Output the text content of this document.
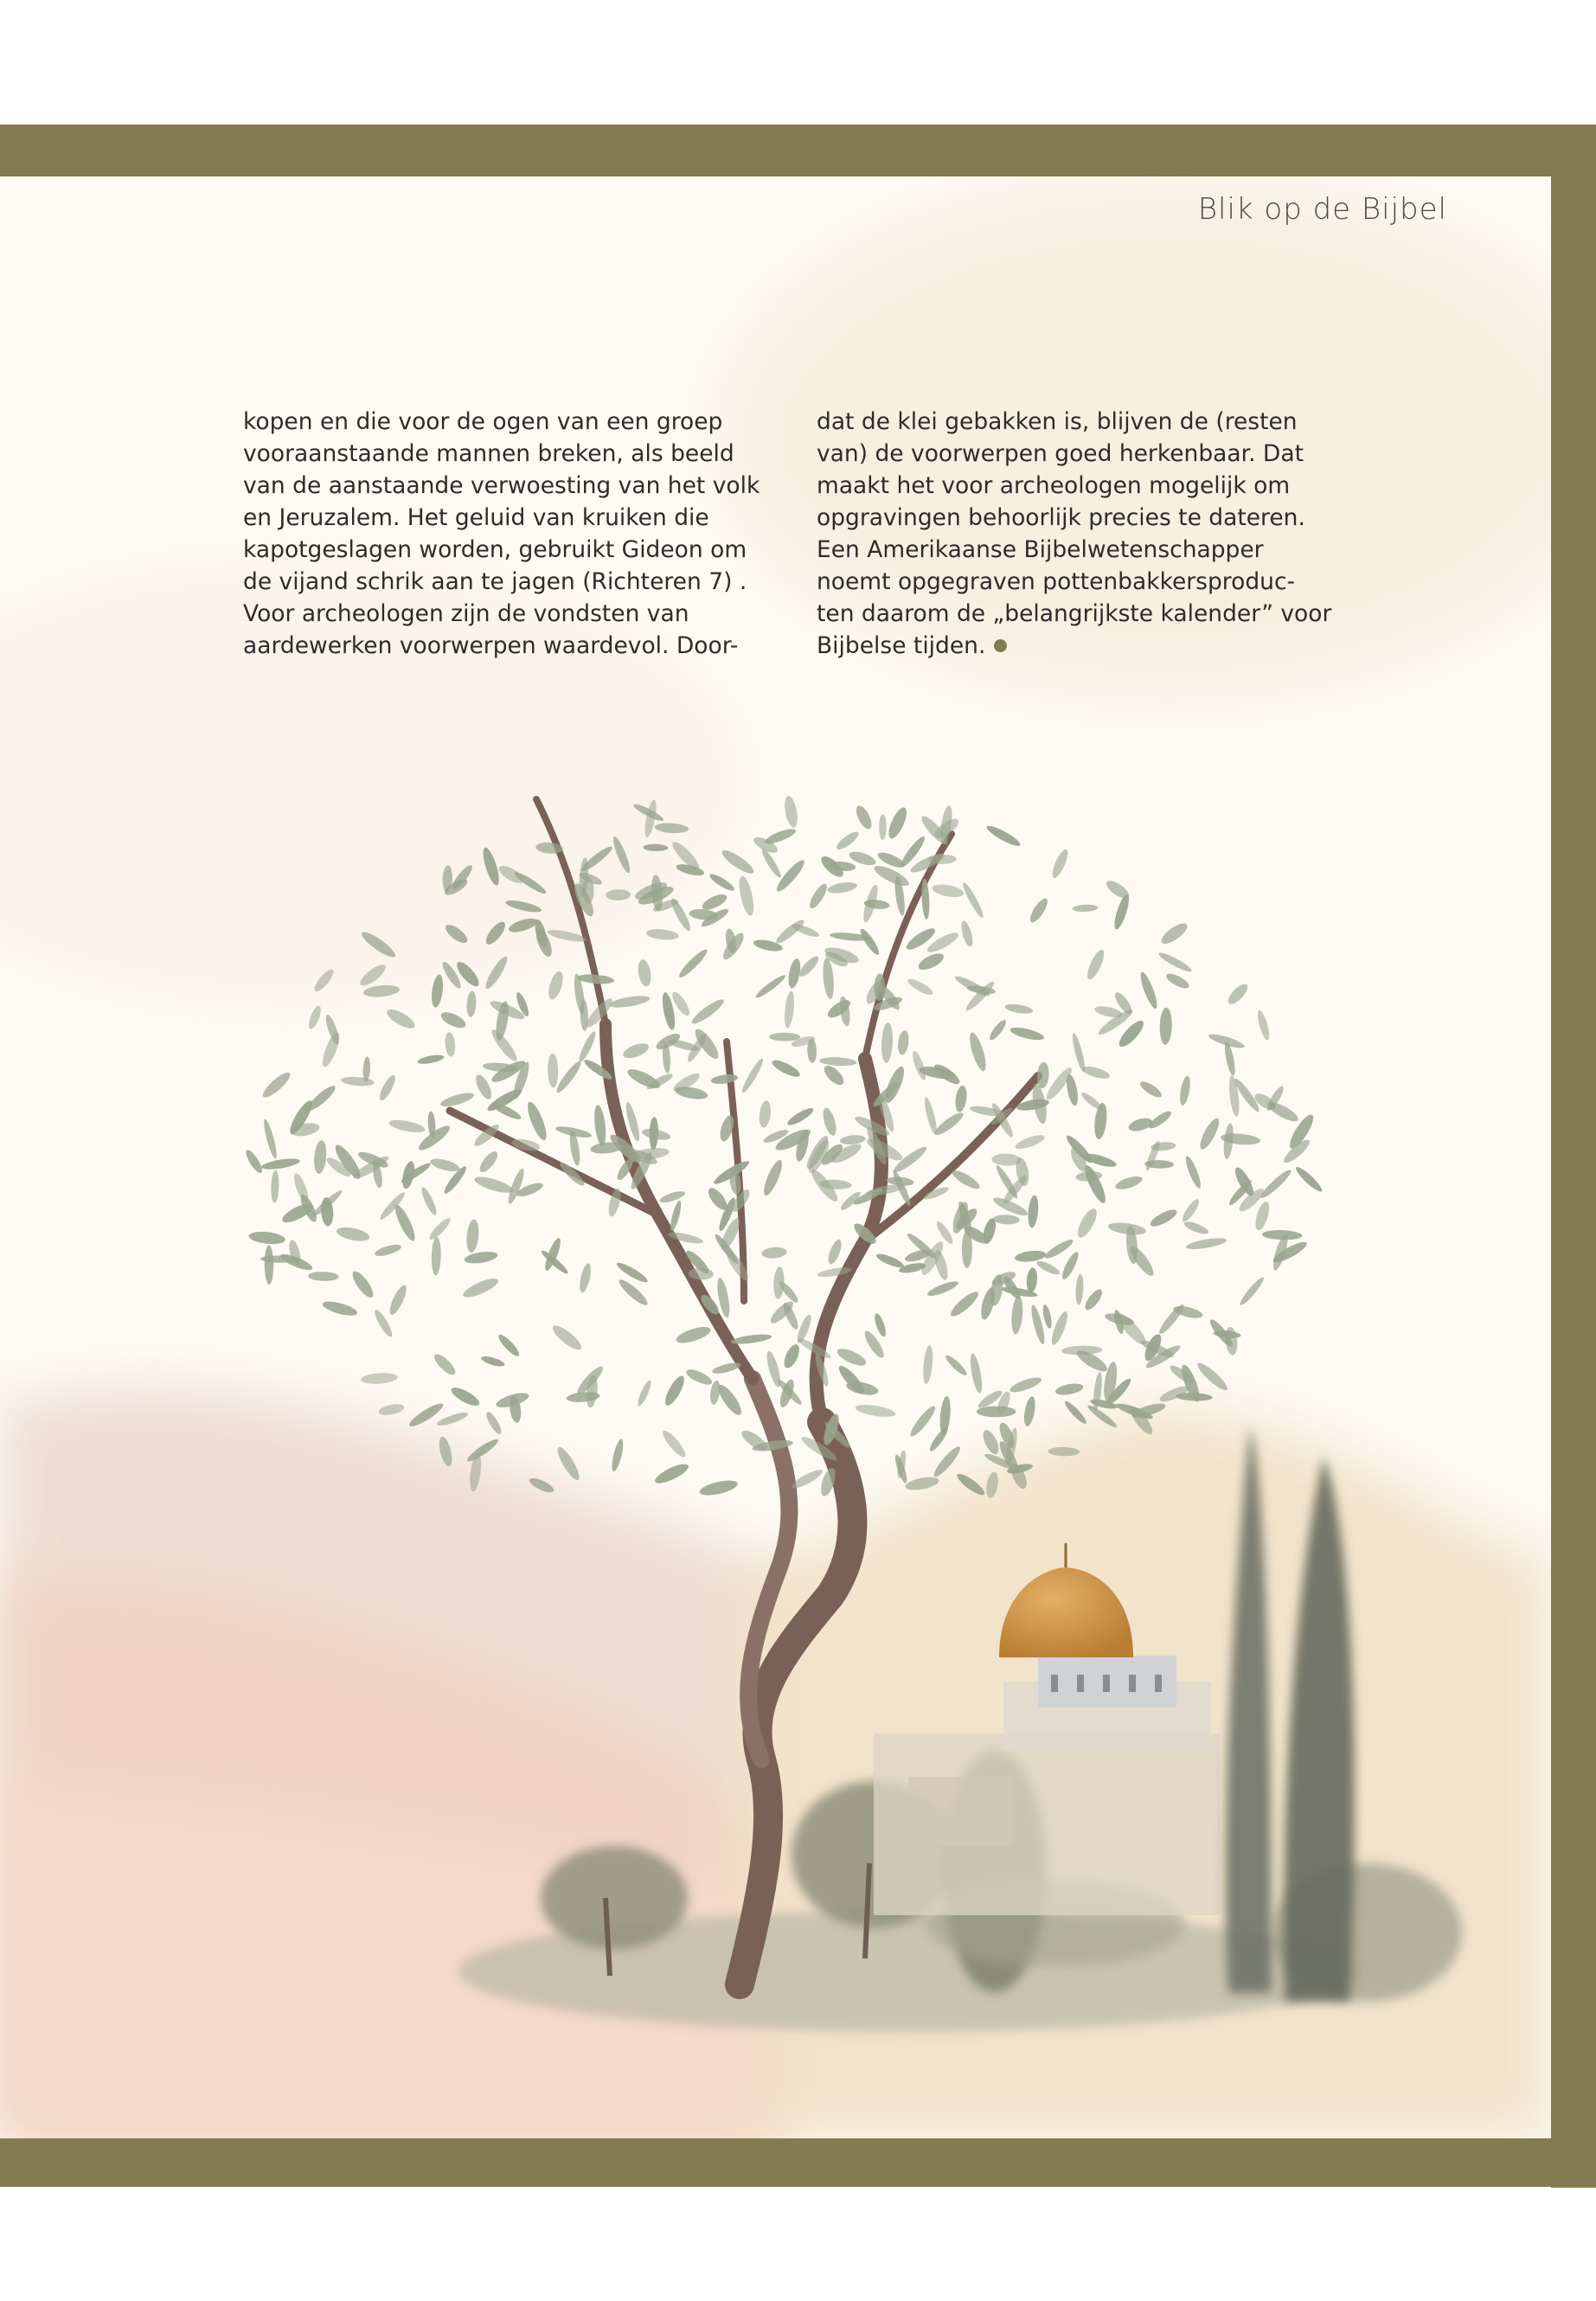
Blik op de Bijbel
kopen en die voor de ogen van een groep
vooraanstaande mannen breken, als beeld
van de aanstaande verwoesting van het volk
en Jeruzalem. Het geluid van kruiken die
kapotgeslagen worden, gebruikt Gideon om
de vijand schrik aan te jagen (Richteren 7) .
Voor archeologen zijn de vondsten van
aardewerken voorwerpen waardevol. Door-
dat de klei gebakken is, blijven de (resten
van) de voorwerpen goed herkenbaar. Dat
maakt het voor archeologen mogelijk om
opgravingen behoorlijk precies te dateren.
Een Amerikaanse Bijbelwetenschapper
noemt opgegraven pottenbakkersproduc-
ten daarom de „belangrijkste kalender” voor
Bijbelse tijden.
